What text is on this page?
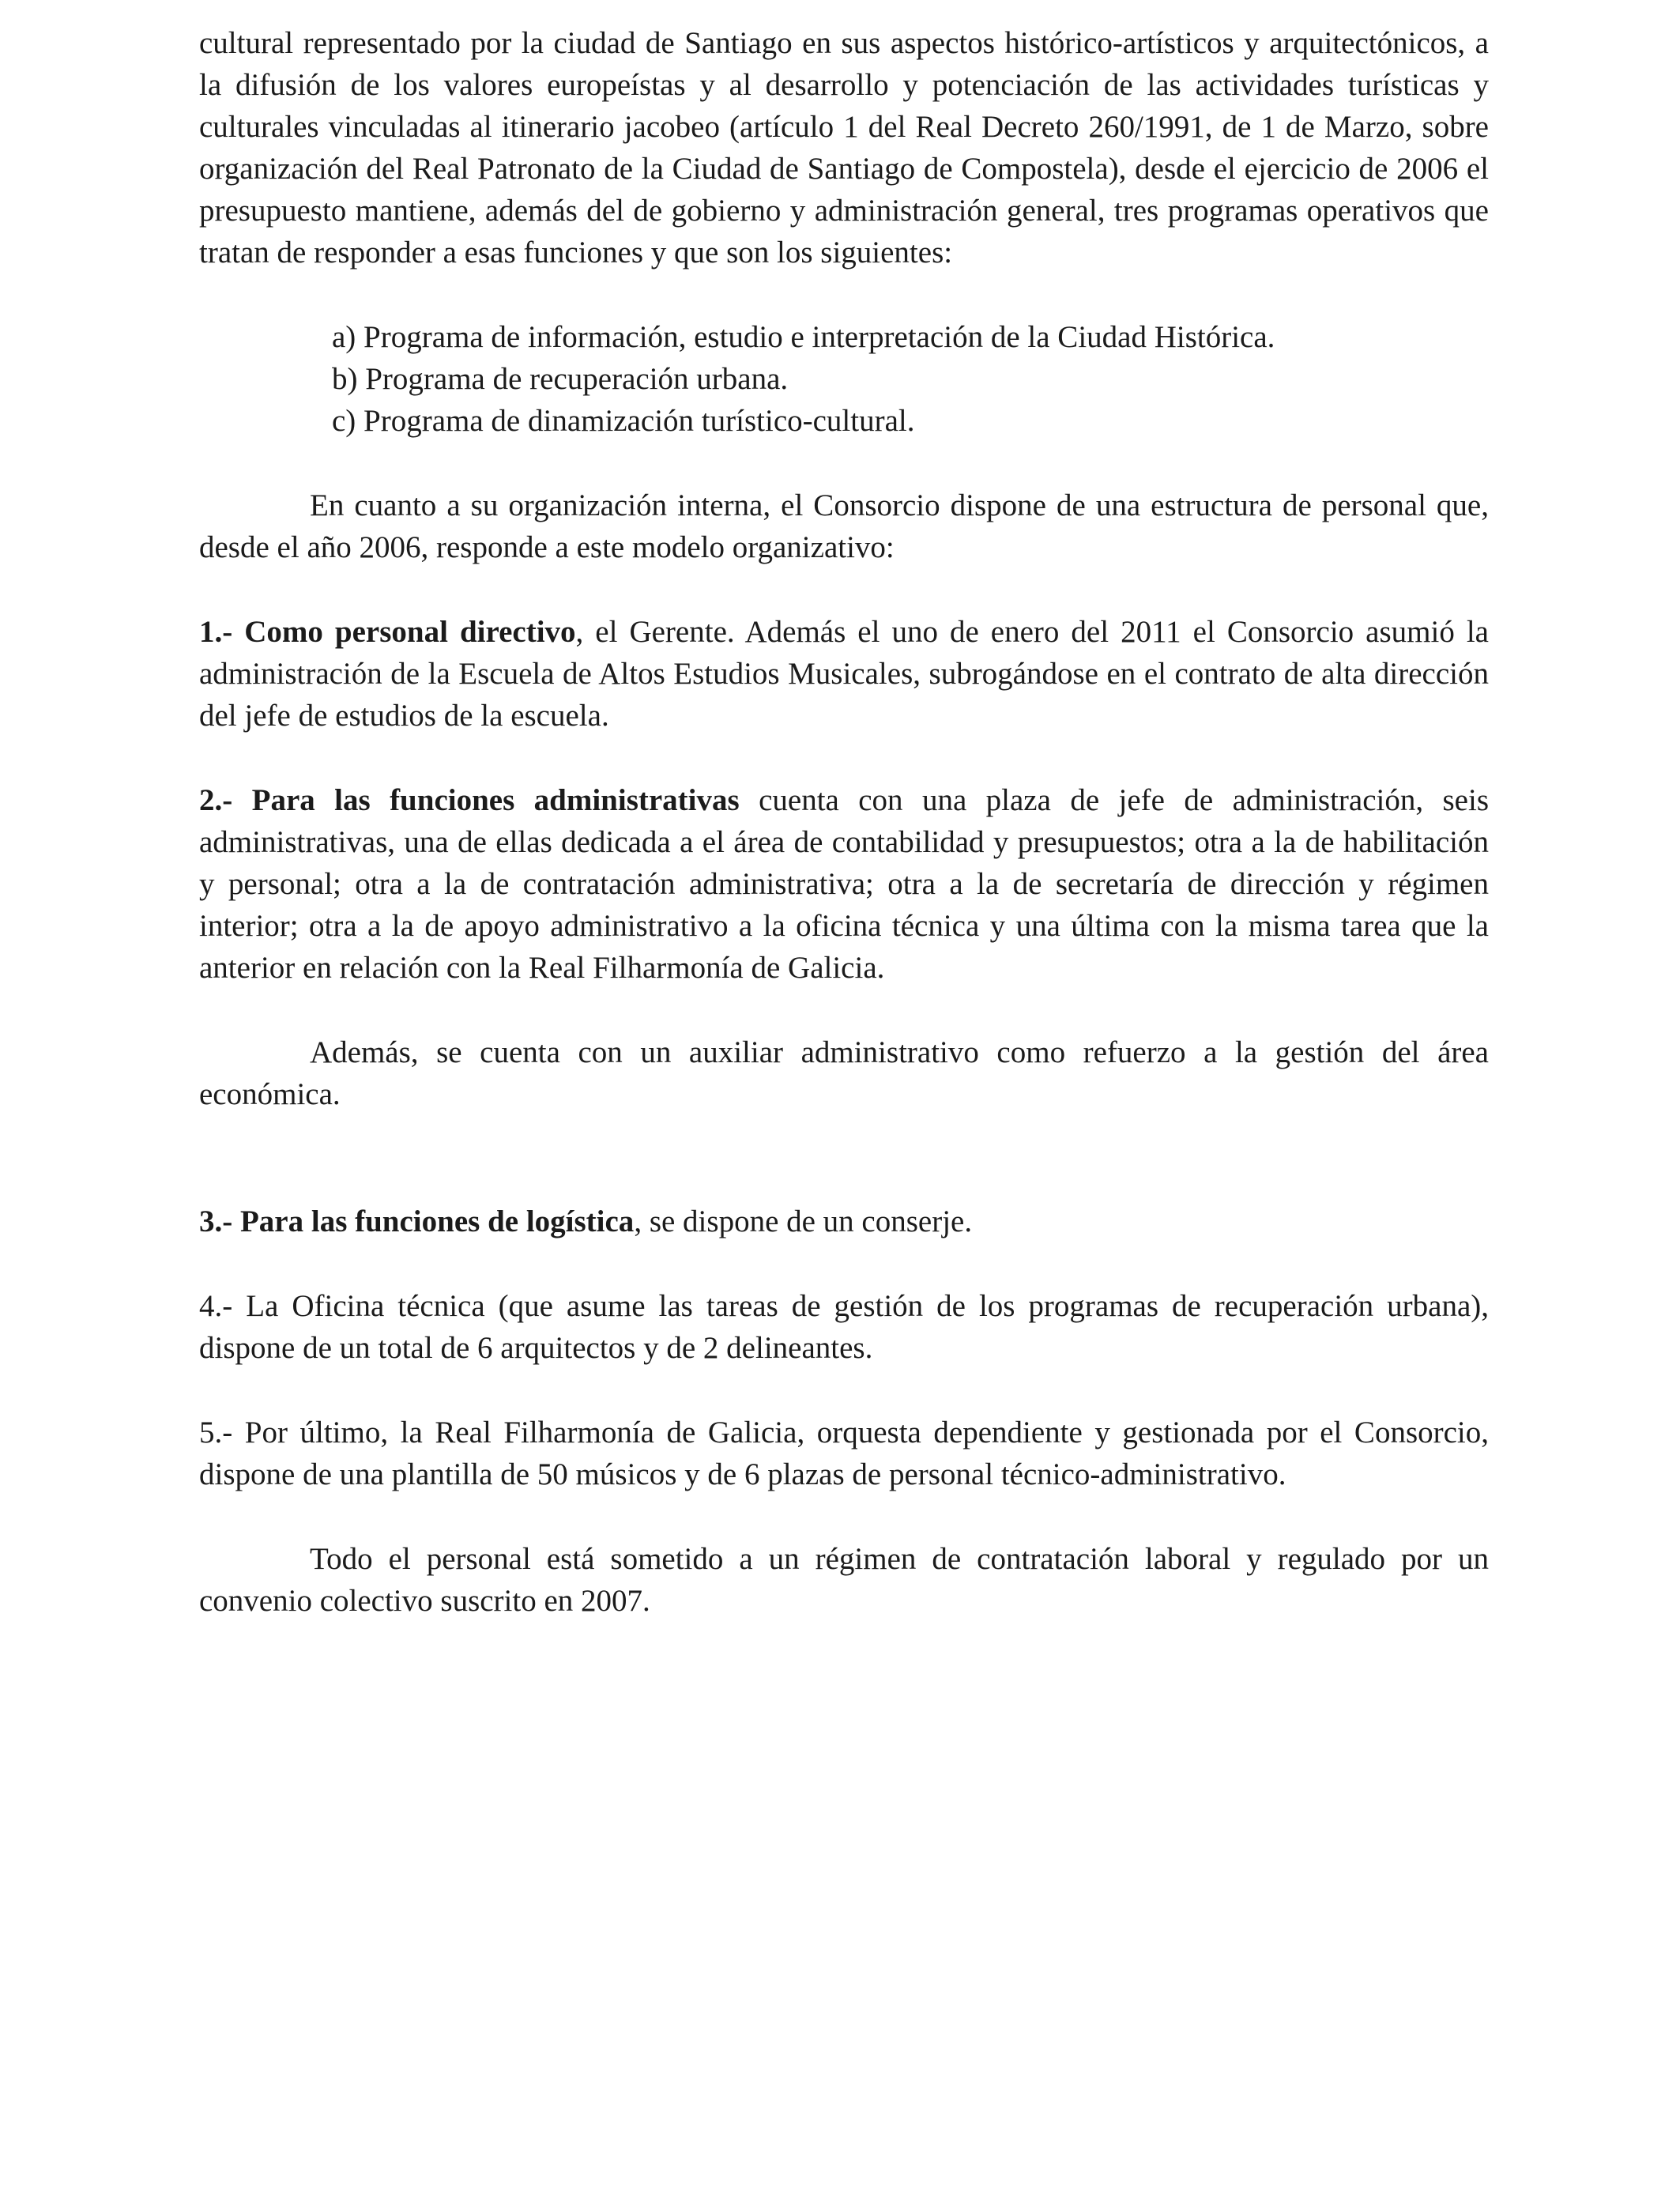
cultural representado por la ciudad de Santiago en sus aspectos histórico-artísticos y arquitectónicos, a la difusión de los valores europeístas y al desarrollo y potenciación de las actividades turísticas y culturales vinculadas al itinerario jacobeo (artículo 1 del Real Decreto 260/1991, de 1 de Marzo, sobre organización del Real Patronato de la Ciudad de Santiago de Compostela), desde el ejercicio de 2006 el presupuesto mantiene, además del de gobierno y administración general, tres programas operativos que tratan de responder a esas funciones y que son los siguientes:

a) Programa de información, estudio e interpretación de la Ciudad Histórica.
b) Programa de recuperación urbana.
c) Programa de dinamización turístico-cultural.

En cuanto a su organización interna, el Consorcio dispone de una estructura de personal que, desde el año 2006, responde a este modelo organizativo:

1.- Como personal directivo, el Gerente. Además el uno de enero del 2011 el Consorcio asumió la administración de la Escuela de Altos Estudios Musicales, subrogándose en el contrato de alta dirección del jefe de estudios de la escuela.

2.- Para las funciones administrativas cuenta con una plaza de jefe de administración, seis administrativas, una de ellas dedicada a el área de contabilidad y presupuestos; otra a la de habilitación y personal; otra a la de contratación administrativa; otra a la de secretaría de dirección y régimen interior; otra a la de apoyo administrativo a la oficina técnica y una última con la misma tarea que la anterior en relación con la Real Filharmonía de Galicia.

Además, se cuenta con un auxiliar administrativo como refuerzo a la gestión del área económica.

3.- Para las funciones de logística, se dispone de un conserje.

4.- La Oficina técnica (que asume las tareas de gestión de los programas de recuperación urbana), dispone de un total de 6 arquitectos y de 2 delineantes.

5.- Por último, la Real Filharmonía de Galicia, orquesta dependiente y gestionada por el Consorcio, dispone de una plantilla de 50 músicos y de 6 plazas de personal técnico-administrativo.

Todo el personal está sometido a un régimen de contratación laboral y regulado por un convenio colectivo suscrito en 2007.
